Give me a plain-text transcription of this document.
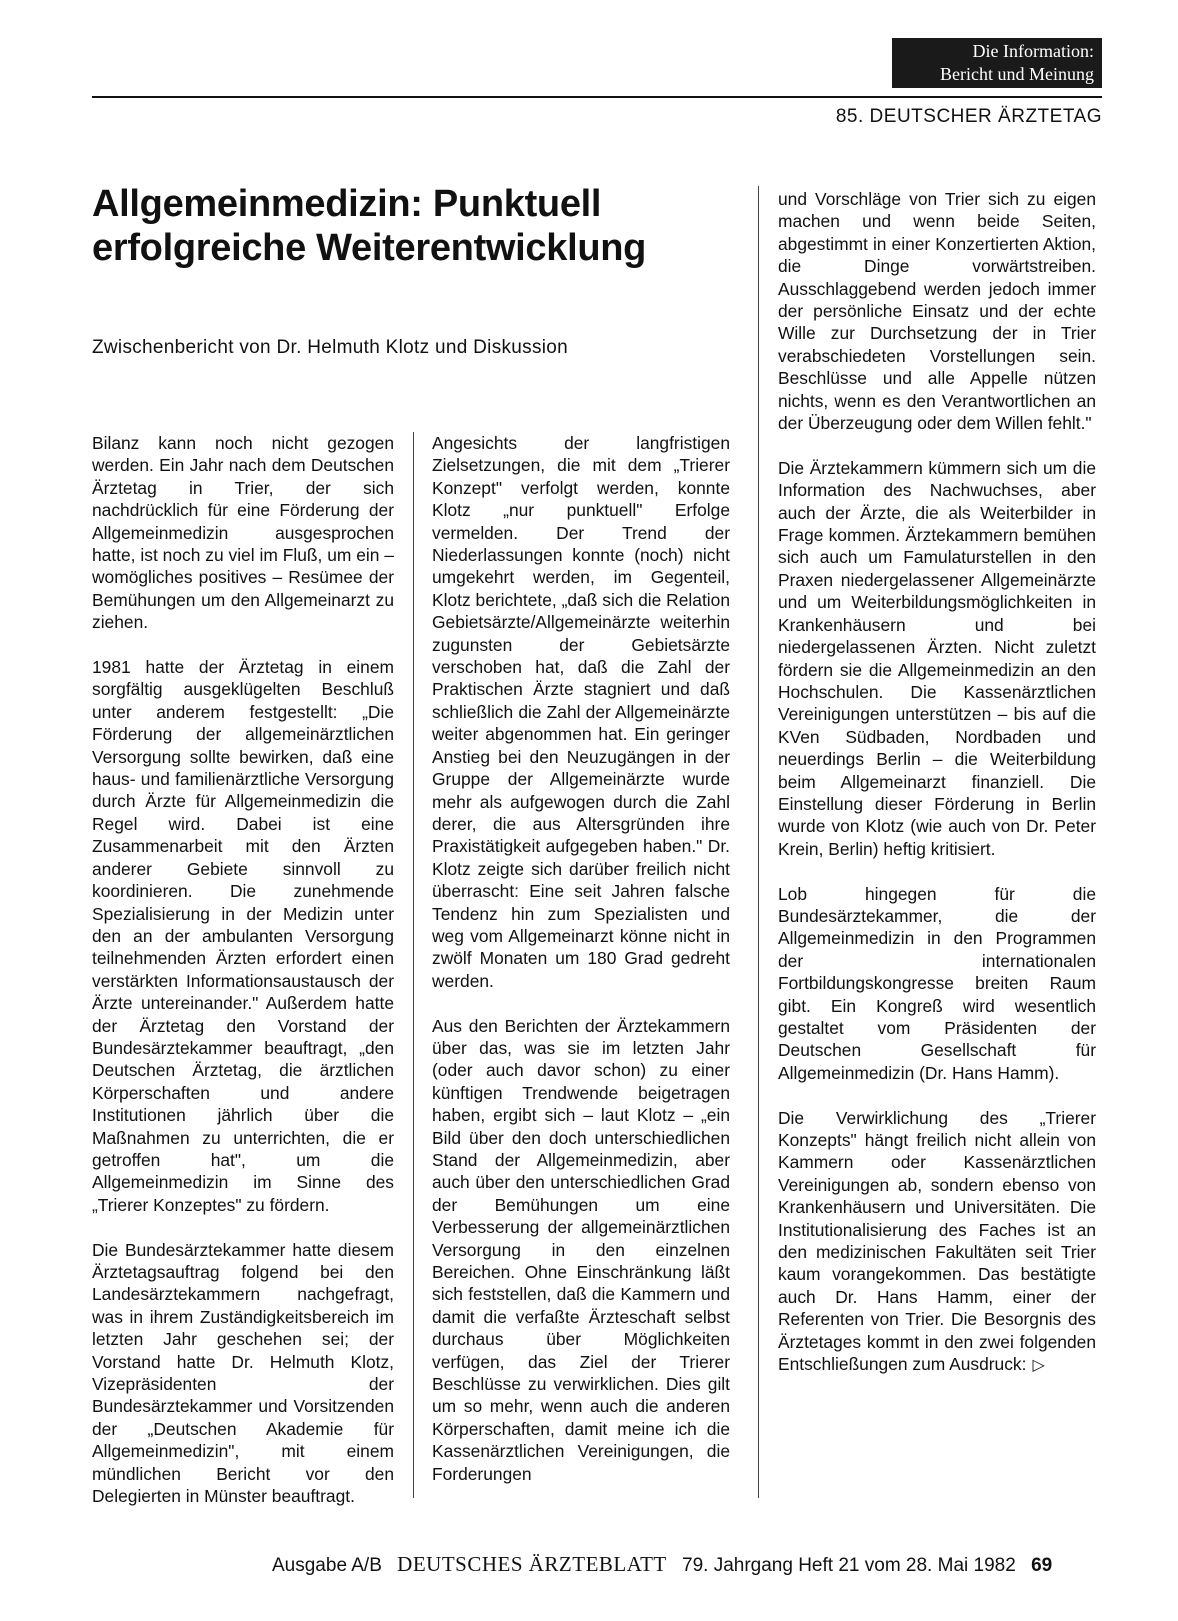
Die Information:
Bericht und Meinung
85. DEUTSCHER ÄRZTETAG
Allgemeinmedizin: Punktuell erfolgreiche Weiterentwicklung
Zwischenbericht von Dr. Helmuth Klotz und Diskussion

Bilanz kann noch nicht gezogen werden. Ein Jahr nach dem Deutschen Ärztetag in Trier, der sich nachdrücklich für eine Förderung der Allgemeinmedizin ausgesprochen hatte, ist noch zu viel im Fluß, um ein – womögliches positives – Resümee der Bemühungen um den Allgemeinarzt zu ziehen.

1981 hatte der Ärztetag in einem sorgfältig ausgeklügelten Beschluß unter anderem festgestellt: „Die Förderung der allgemeinärztlichen Versorgung sollte bewirken, daß eine haus- und familienärztliche Versorgung durch Ärzte für Allgemeinmedizin die Regel wird. Dabei ist eine Zusammenarbeit mit den Ärzten anderer Gebiete sinnvoll zu koordinieren. Die zunehmende Spezialisierung in der Medizin unter den an der ambulanten Versorgung teilnehmenden Ärzten erfordert einen verstärkten Informationsaustausch der Ärzte untereinander." Außerdem hatte der Ärztetag den Vorstand der Bundesärztekammer beauftragt, „den Deutschen Ärztetag, die ärztlichen Körperschaften und andere Institutionen jährlich über die Maßnahmen zu unterrichten, die er getroffen hat", um die Allgemeinmedizin im Sinne des „Trierer Konzeptes" zu fördern.

Die Bundesärztekammer hatte diesem Ärztetagsauftrag folgend bei den Landesärztekammern nachgefragt, was in ihrem Zuständigkeitsbereich im letzten Jahr geschehen sei; der Vorstand hatte Dr. Helmuth Klotz, Vizepräsidenten der Bundesärztekammer und Vorsitzenden der „Deutschen Akademie für Allgemeinmedizin", mit einem mündlichen Bericht vor den Delegierten in Münster beauftragt.

Angesichts der langfristigen Zielsetzungen, die mit dem „Trierer Konzept" verfolgt werden, konnte Klotz „nur punktuell" Erfolge vermelden. Der Trend der Niederlassungen konnte (noch) nicht umgekehrt werden, im Gegenteil, Klotz berichtete, „daß sich die Relation Gebietsärzte/Allgemeinärzte weiterhin zugunsten der Gebietsärzte verschoben hat, daß die Zahl der Praktischen Ärzte stagniert und daß schließlich die Zahl der Allgemeinärzte weiter abgenommen hat. Ein geringer Anstieg bei den Neuzugängen in der Gruppe der Allgemeinärzte wurde mehr als aufgewogen durch die Zahl derer, die aus Altersgründen ihre Praxistätigkeit aufgegeben haben." Dr. Klotz zeigte sich darüber freilich nicht überrascht: Eine seit Jahren falsche Tendenz hin zum Spezialisten und weg vom Allgemeinarzt könne nicht in zwölf Monaten um 180 Grad gedreht werden.

Aus den Berichten der Ärztekammern über das, was sie im letzten Jahr (oder auch davor schon) zu einer künftigen Trendwende beigetragen haben, ergibt sich – laut Klotz – „ein Bild über den doch unterschiedlichen Stand der Allgemeinmedizin, aber auch über den unterschiedlichen Grad der Bemühungen um eine Verbesserung der allgemeinärztlichen Versorgung in den einzelnen Bereichen. Ohne Einschränkung läßt sich feststellen, daß die Kammern und damit die verfaßte Ärzteschaft selbst durchaus über Möglichkeiten verfügen, das Ziel der Trierer Beschlüsse zu verwirklichen. Dies gilt um so mehr, wenn auch die anderen Körperschaften, damit meine ich die Kassenärztlichen Vereinigungen, die Forderungen

und Vorschläge von Trier sich zu eigen machen und wenn beide Seiten, abgestimmt in einer Konzertierten Aktion, die Dinge vorwärtstreiben. Ausschlaggebend werden jedoch immer der persönliche Einsatz und der echte Wille zur Durchsetzung der in Trier verabschiedeten Vorstellungen sein. Beschlüsse und alle Appelle nützen nichts, wenn es den Verantwortlichen an der Überzeugung oder dem Willen fehlt."

Die Ärztekammern kümmern sich um die Information des Nachwuchses, aber auch der Ärzte, die als Weiterbilder in Frage kommen. Ärztekammern bemühen sich auch um Famulaturstellen in den Praxen niedergelassener Allgemeinärzte und um Weiterbildungsmöglichkeiten in Krankenhäusern und bei niedergelassenen Ärzten. Nicht zuletzt fördern sie die Allgemeinmedizin an den Hochschulen. Die Kassenärztlichen Vereinigungen unterstützen – bis auf die KVen Südbaden, Nordbaden und neuerdings Berlin – die Weiterbildung beim Allgemeinarzt finanziell. Die Einstellung dieser Förderung in Berlin wurde von Klotz (wie auch von Dr. Peter Krein, Berlin) heftig kritisiert.

Lob hingegen für die Bundesärztekammer, die der Allgemeinmedizin in den Programmen der internationalen Fortbildungskongresse breiten Raum gibt. Ein Kongreß wird wesentlich gestaltet vom Präsidenten der Deutschen Gesellschaft für Allgemeinmedizin (Dr. Hans Hamm).

Die Verwirklichung des „Trierer Konzepts" hängt freilich nicht allein von Kammern oder Kassenärztlichen Vereinigungen ab, sondern ebenso von Krankenhäusern und Universitäten. Die Institutionalisierung des Faches ist an den medizinischen Fakultäten seit Trier kaum vorangekommen. Das bestätigte auch Dr. Hans Hamm, einer der Referenten von Trier. Die Besorgnis des Ärztetages kommt in den zwei folgenden Entschließungen zum Ausdruck: ▷

Ausgabe A/B DEUTSCHES ÄRZTEBLATT 79. Jahrgang Heft 21 vom 28. Mai 1982 69
